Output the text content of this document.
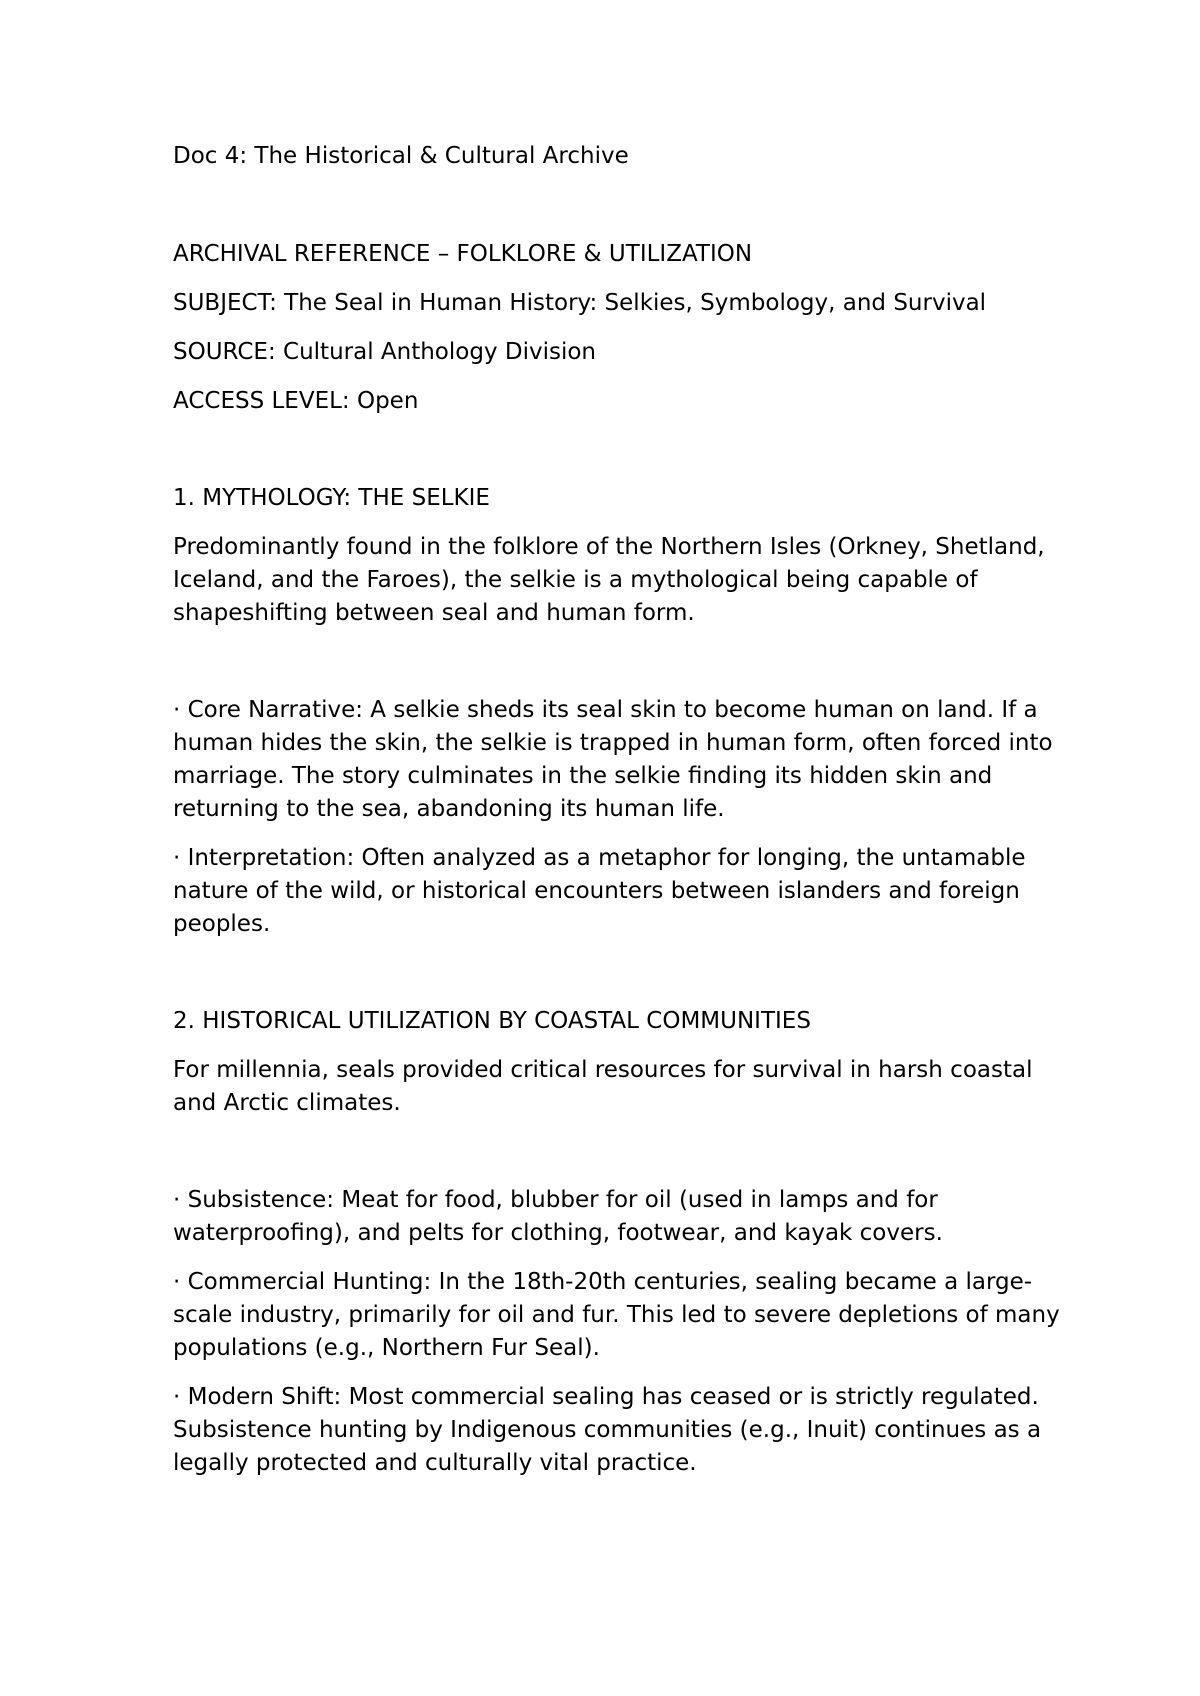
Doc 4: The Historical & Cultural Archive

ARCHIVAL REFERENCE – FOLKLORE & UTILIZATION

SUBJECT: The Seal in Human History: Selkies, Symbology, and Survival

SOURCE: Cultural Anthology Division

ACCESS LEVEL: Open

1. MYTHOLOGY: THE SELKIE

Predominantly found in the folklore of the Northern Isles (Orkney, Shetland, Iceland, and the Faroes), the selkie is a mythological being capable of shapeshifting between seal and human form.

· Core Narrative: A selkie sheds its seal skin to become human on land. If a human hides the skin, the selkie is trapped in human form, often forced into marriage. The story culminates in the selkie finding its hidden skin and returning to the sea, abandoning its human life.

· Interpretation: Often analyzed as a metaphor for longing, the untamable nature of the wild, or historical encounters between islanders and foreign peoples.

2. HISTORICAL UTILIZATION BY COASTAL COMMUNITIES

For millennia, seals provided critical resources for survival in harsh coastal and Arctic climates.

· Subsistence: Meat for food, blubber for oil (used in lamps and for waterproofing), and pelts for clothing, footwear, and kayak covers.

· Commercial Hunting: In the 18th-20th centuries, sealing became a large-scale industry, primarily for oil and fur. This led to severe depletions of many populations (e.g., Northern Fur Seal).

· Modern Shift: Most commercial sealing has ceased or is strictly regulated. Subsistence hunting by Indigenous communities (e.g., Inuit) continues as a legally protected and culturally vital practice.
